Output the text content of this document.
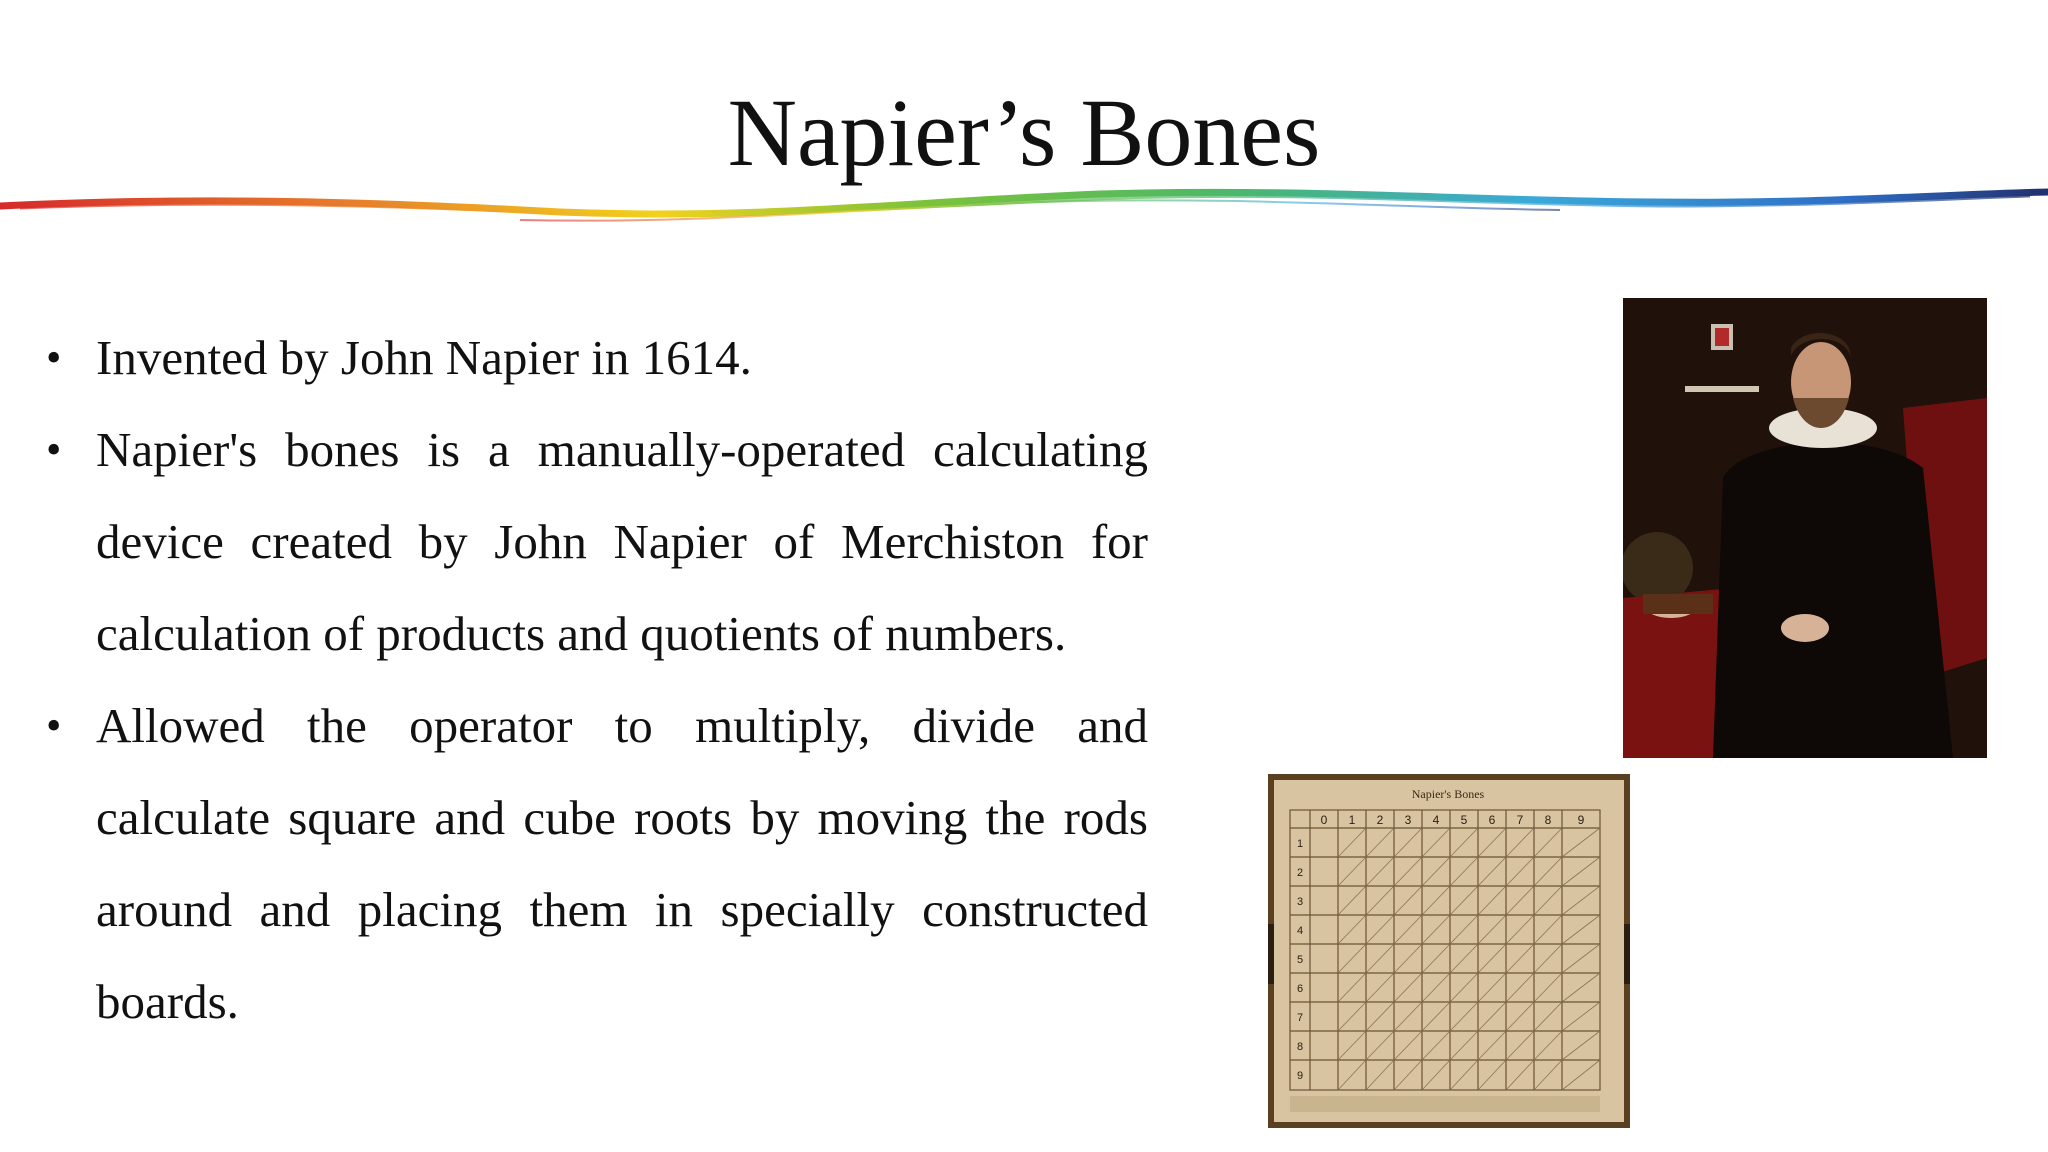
Napier’s Bones
• Invented by John Napier in 1614.
• Napier's bones is a manually-operated calculating device created by John Napier of Merchiston for calculation of products and quotients of numbers.
• Allowed the operator to multiply, divide and calculate square and cube roots by moving the rods around and placing them in specially constructed boards.
Napier's Bones
0 1 2 3 4 5 6 7 8 9
1
2
3
4
5
6
7
8
9
